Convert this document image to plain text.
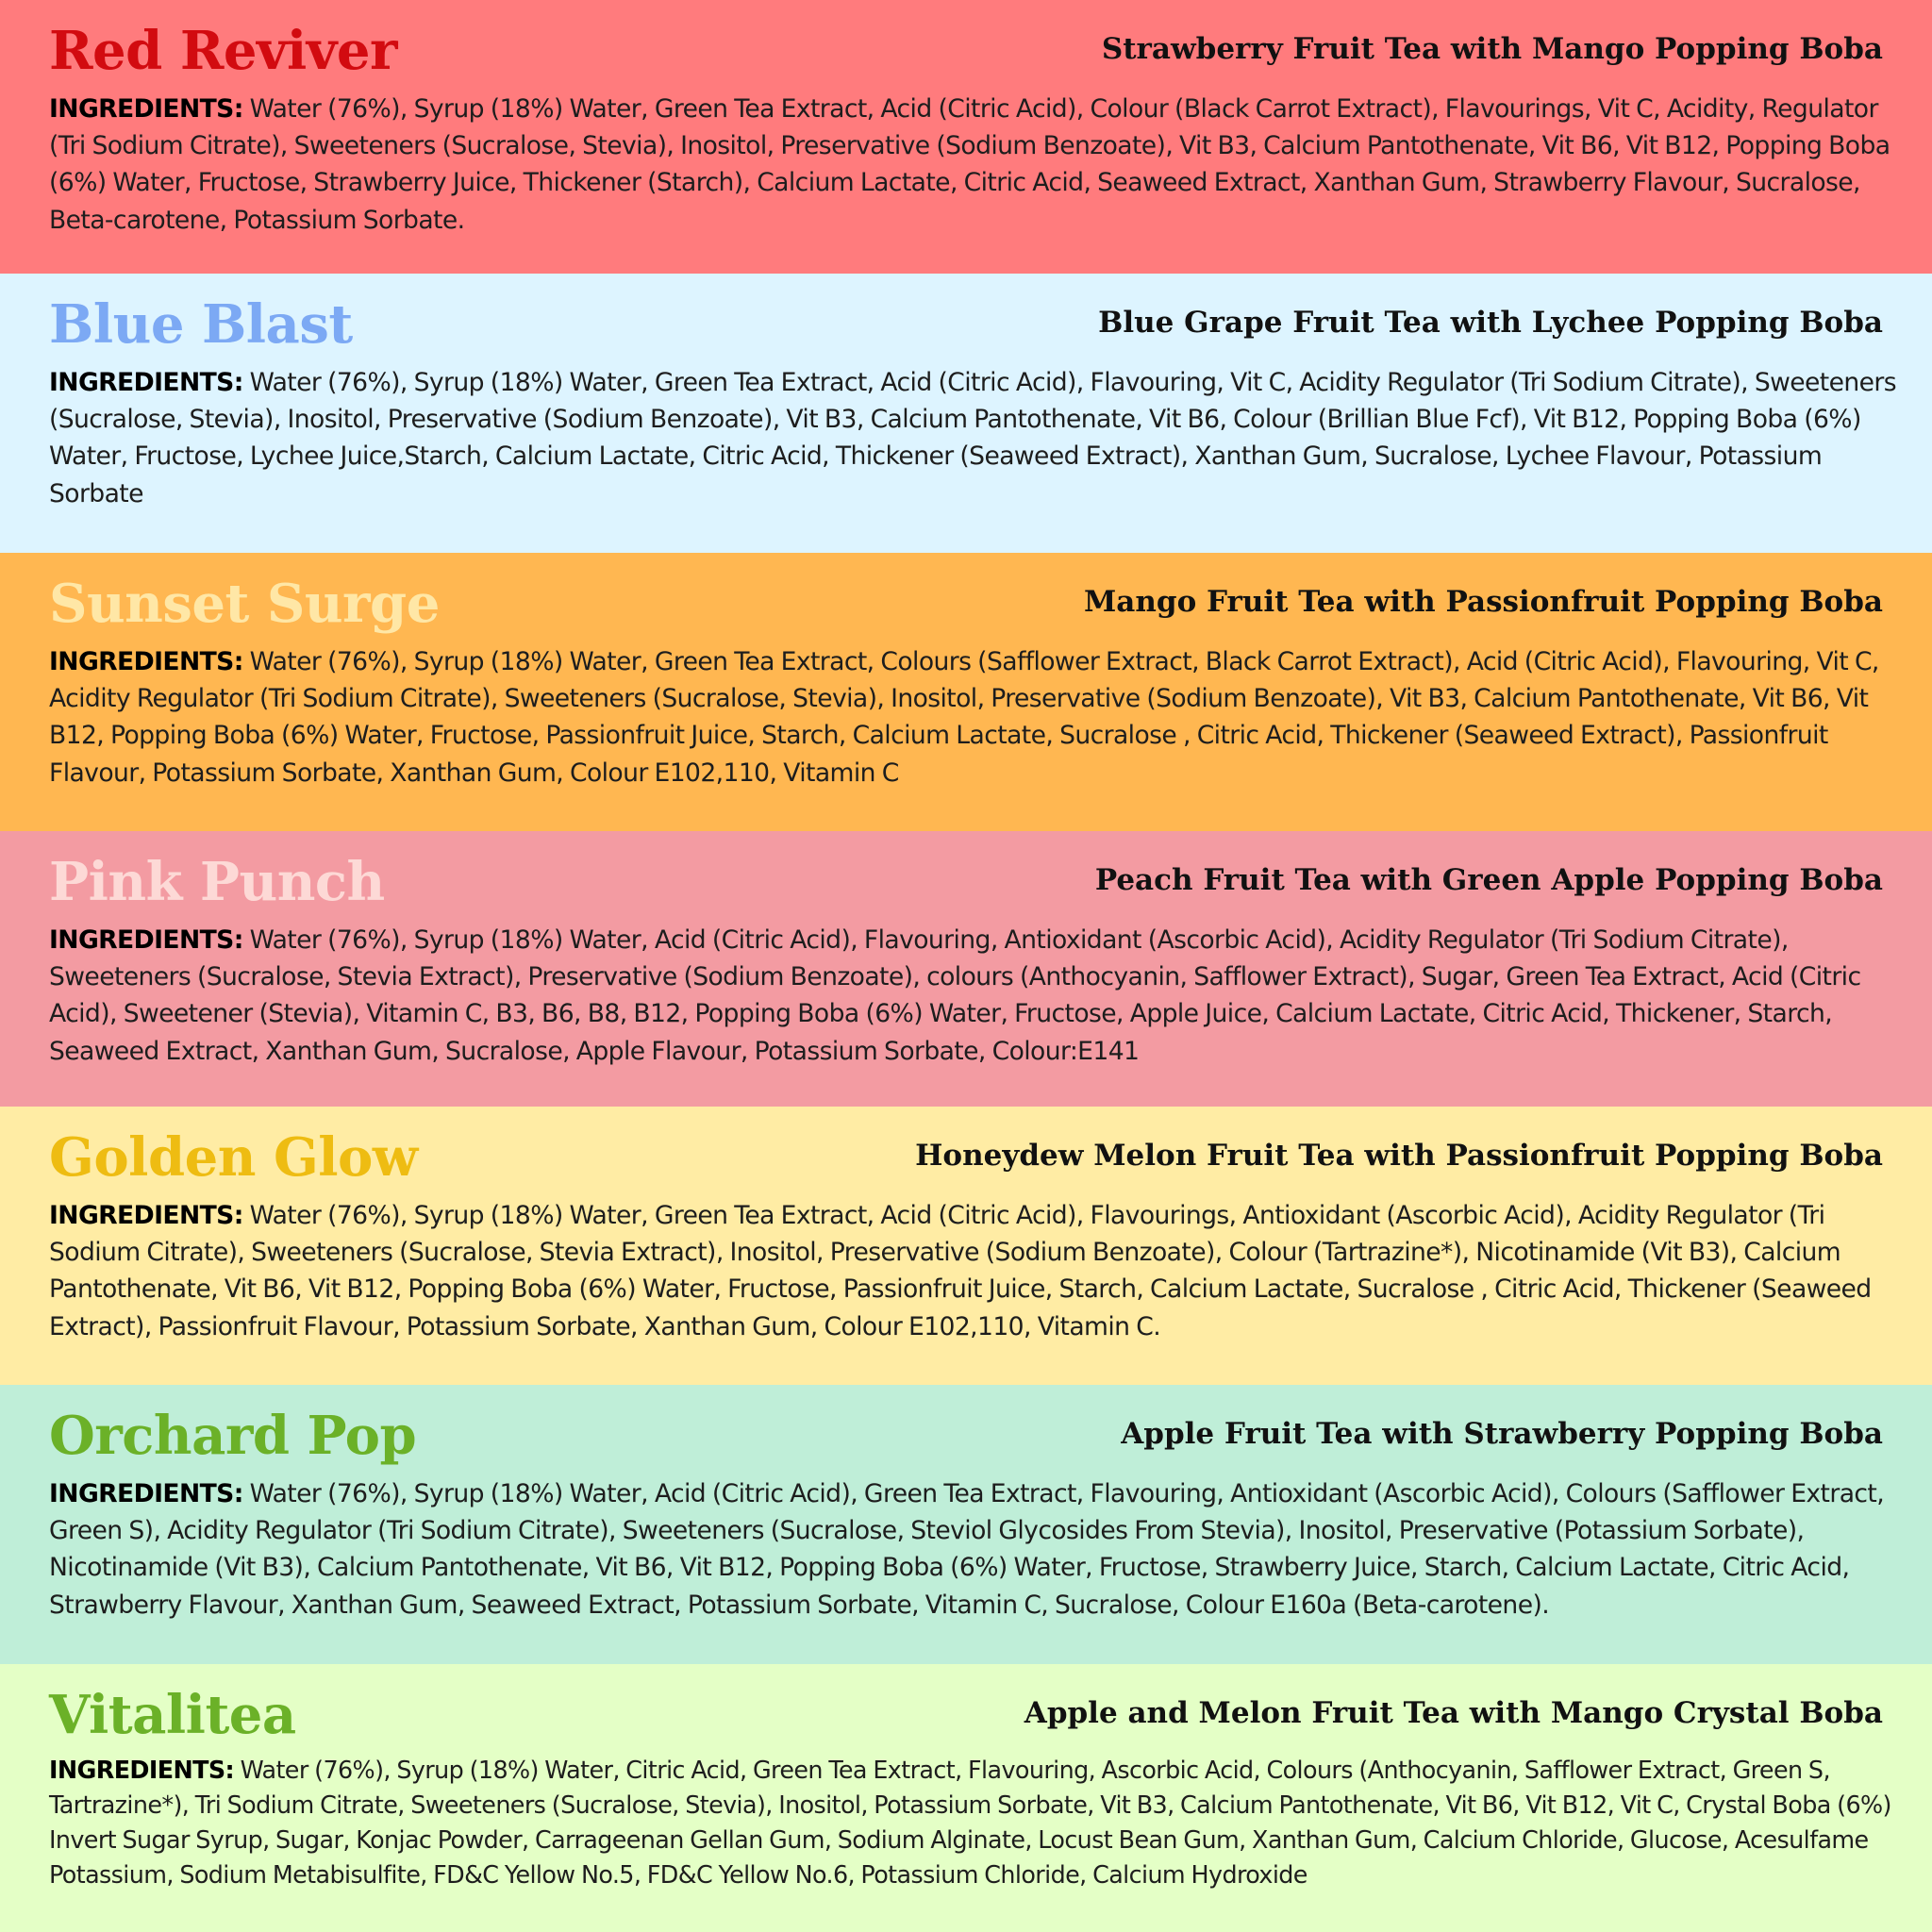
Red Reviver	Strawberry Fruit Tea with Mango Popping Boba
INGREDIENTS: Water (76%), Syrup (18%) Water, Green Tea Extract, Acid (Citric Acid), Colour (Black Carrot Extract), Flavourings, Vit C, Acidity, Regulator (Tri Sodium Citrate), Sweeteners (Sucralose, Stevia), Inositol, Preservative (Sodium Benzoate), Vit B3, Calcium Pantothenate, Vit B6, Vit B12, Popping Boba (6%) Water, Fructose, Strawberry Juice, Thickener (Starch), Calcium Lactate, Citric Acid, Seaweed Extract, Xanthan Gum, Strawberry Flavour, Sucralose, Beta-carotene, Potassium Sorbate.
Blue Blast	Blue Grape Fruit Tea with Lychee Popping Boba
INGREDIENTS: Water (76%), Syrup (18%) Water, Green Tea Extract, Acid (Citric Acid), Flavouring, Vit C, Acidity Regulator (Tri Sodium Citrate), Sweeteners (Sucralose, Stevia), Inositol, Preservative (Sodium Benzoate), Vit B3, Calcium Pantothenate, Vit B6, Colour (Brillian Blue Fcf), Vit B12, Popping Boba (6%) Water, Fructose, Lychee Juice,Starch, Calcium Lactate, Citric Acid, Thickener (Seaweed Extract), Xanthan Gum, Sucralose, Lychee Flavour, Potassium Sorbate
Sunset Surge	Mango Fruit Tea with Passionfruit Popping Boba
INGREDIENTS: Water (76%), Syrup (18%) Water, Green Tea Extract, Colours (Safflower Extract, Black Carrot Extract), Acid (Citric Acid), Flavouring, Vit C, Acidity Regulator (Tri Sodium Citrate), Sweeteners (Sucralose, Stevia), Inositol, Preservative (Sodium Benzoate), Vit B3, Calcium Pantothenate, Vit B6, Vit B12, Popping Boba (6%) Water, Fructose, Passionfruit Juice, Starch, Calcium Lactate, Sucralose , Citric Acid, Thickener (Seaweed Extract), Passionfruit Flavour, Potassium Sorbate, Xanthan Gum, Colour E102,110, Vitamin C
Pink Punch	Peach Fruit Tea with Green Apple Popping Boba
INGREDIENTS: Water (76%), Syrup (18%) Water, Acid (Citric Acid), Flavouring, Antioxidant (Ascorbic Acid), Acidity Regulator (Tri Sodium Citrate), Sweeteners (Sucralose, Stevia Extract), Preservative (Sodium Benzoate), colours (Anthocyanin, Safflower Extract), Sugar, Green Tea Extract, Acid (Citric Acid), Sweetener (Stevia), Vitamin C, B3, B6, B8, B12, Popping Boba (6%) Water, Fructose, Apple Juice, Calcium Lactate, Citric Acid, Thickener, Starch, Seaweed Extract, Xanthan Gum, Sucralose, Apple Flavour, Potassium Sorbate, Colour:E141
Golden Glow	Honeydew Melon Fruit Tea with Passionfruit Popping Boba
INGREDIENTS: Water (76%), Syrup (18%) Water, Green Tea Extract, Acid (Citric Acid), Flavourings, Antioxidant (Ascorbic Acid), Acidity Regulator (Tri Sodium Citrate), Sweeteners (Sucralose, Stevia Extract), Inositol, Preservative (Sodium Benzoate), Colour (Tartrazine*), Nicotinamide (Vit B3), Calcium Pantothenate, Vit B6, Vit B12, Popping Boba (6%) Water, Fructose, Passionfruit Juice, Starch, Calcium Lactate, Sucralose , Citric Acid, Thickener (Seaweed Extract), Passionfruit Flavour, Potassium Sorbate, Xanthan Gum, Colour E102,110, Vitamin C.
Orchard Pop	Apple Fruit Tea with Strawberry Popping Boba
INGREDIENTS: Water (76%), Syrup (18%) Water, Acid (Citric Acid), Green Tea Extract, Flavouring, Antioxidant (Ascorbic Acid), Colours (Safflower Extract, Green S), Acidity Regulator (Tri Sodium Citrate), Sweeteners (Sucralose, Steviol Glycosides From Stevia), Inositol, Preservative (Potassium Sorbate), Nicotinamide (Vit B3), Calcium Pantothenate, Vit B6, Vit B12, Popping Boba (6%) Water, Fructose, Strawberry Juice, Starch, Calcium Lactate, Citric Acid, Strawberry Flavour, Xanthan Gum, Seaweed Extract, Potassium Sorbate, Vitamin C, Sucralose, Colour E160a (Beta-carotene).
Vitalitea	Apple and Melon Fruit Tea with Mango Crystal Boba
INGREDIENTS: Water (76%), Syrup (18%) Water, Citric Acid, Green Tea Extract, Flavouring, Ascorbic Acid, Colours (Anthocyanin, Safflower Extract, Green S, Tartrazine*), Tri Sodium Citrate, Sweeteners (Sucralose, Stevia), Inositol, Potassium Sorbate, Vit B3, Calcium Pantothenate, Vit B6, Vit B12, Vit C, Crystal Boba (6%) Invert Sugar Syrup, Sugar, Konjac Powder, Carrageenan Gellan Gum, Sodium Alginate, Locust Bean Gum, Xanthan Gum, Calcium Chloride, Glucose, Acesulfame Potassium, Sodium Metabisulfite, FD&C Yellow No.5, FD&C Yellow No.6, Potassium Chloride, Calcium Hydroxide
